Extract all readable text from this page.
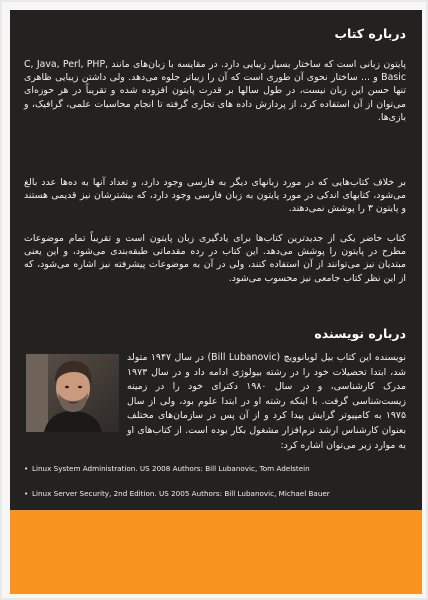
درباره کتاب

پایتون زبانی است که ساختار بسیار زیبایی دارد. در مقایسه با زبان‌های مانند C, Java, Perl, PHP, Basic و ... ساختار نحوی آن طوری است که آن را زیباتر جلوه می‌دهد. ولی داشتن زیبایی ظاهری تنها حسن این زبان نیست، در طول سالها بر قدرت پایتون افزوده شده و تقریباً در هر حوزه‌ای می‌توان از آن استفاده کرد، از پردازش داده های تجاری گرفته تا انجام محاسبات علمی، گرافیک، و بازی‌ها.

بر خلاف کتاب‌هایی که در مورد زبانهای دیگر به فارسی وجود دارد، و تعداد آنها به ده‌ها عدد بالغ می‌شود، کتابهای اندکی در مورد پایتون به زبان فارسی وجود دارد، که بیشترشان نیز قدیمی هستند و پایتون ۳ را پوشش نمی‌دهند.

کتاب حاضر یکی از جدیدترین کتاب‌ها برای یادگیری زبان پایتون است و تقریباً تمام موضوعات مطرح در پایتون را پوشش می‌دهد. این کتاب در رده مقدماتی طبقه‌بندی می‌شود، و این یعنی مبتدیان نیز می‌توانند از آن استفاده کنند، ولی در آن به موضوعات پیشرفته نیز اشاره می‌شود، که از این نظر کتاب جامعی نیز محسوب می‌شود.

درباره نویسنده

نویسنده این کتاب بیل لوبانوویچ (Bill Lubanovic) در سال ۱۹۴۷ متولد شد، ابتدا تحصیلات خود را در رشته بیولوژی ادامه داد و در سال ۱۹۷۳ مدرک کارشناسی، و در سال ۱۹۸۰ دکترای خود را در زمینه زیست‌شناسی گرفت. با اینکه رشته او در ابتدا علوم بود، ولی از سال ۱۹۷۵ به کامپیوتر گرایش پیدا کرد و از آن پس در سازمان‌های مختلف بعنوان کارشناس ارشد نرم‌افزار مشغول بکار بوده است. از کتاب‌های او به موارد زیر می‌توان اشاره کرد:

• Linux System Administration. US 2008 Authors: Bill Lubanovic, Tom Adelstein
• Linux Server Security, 2nd Edition. US 2005 Authors: Bill Lubanovic, Michael Bauer
